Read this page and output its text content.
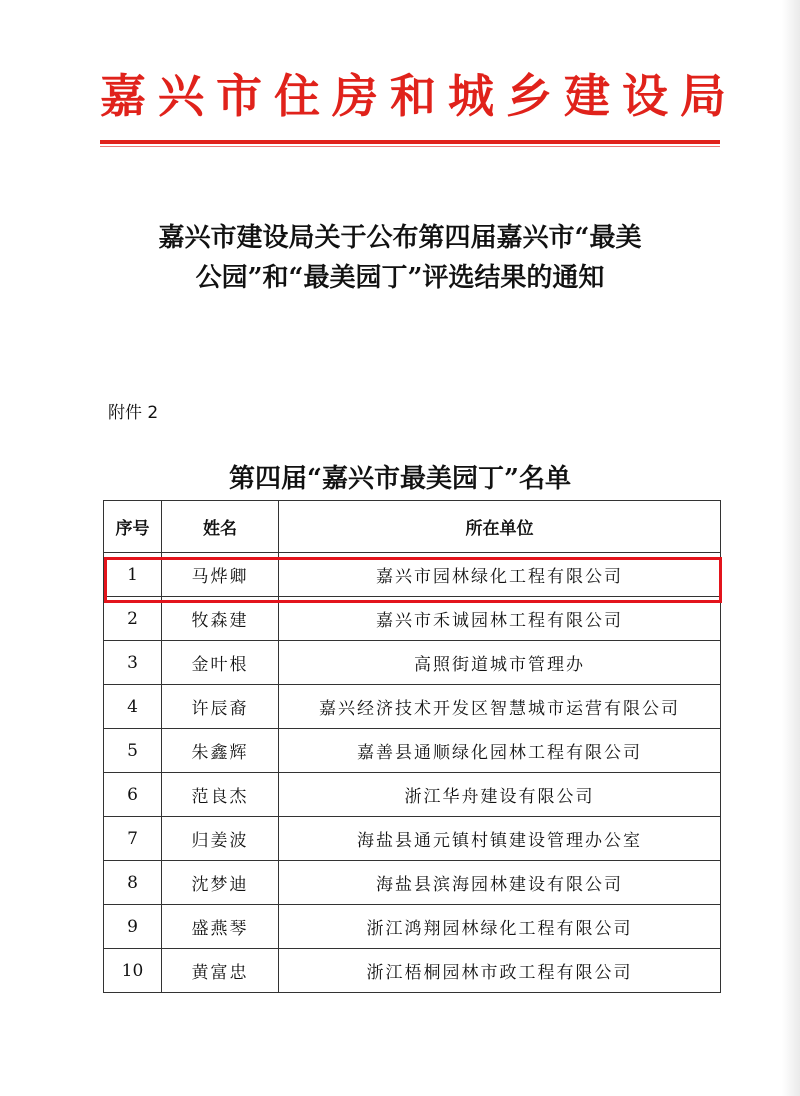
嘉兴市住房和城乡建设局
嘉兴市建设局关于公布第四届嘉兴市“最美
公园”和“最美园丁”评选结果的通知
附件 2
第四届“嘉兴市最美园丁”名单
序号	姓名	所在单位
1	马烨卿	嘉兴市园林绿化工程有限公司
2	牧森建	嘉兴市禾诚园林工程有限公司
3	金叶根	高照街道城市管理办
4	许辰裔	嘉兴经济技术开发区智慧城市运营有限公司
5	朱鑫辉	嘉善县通顺绿化园林工程有限公司
6	范良杰	浙江华舟建设有限公司
7	归姜波	海盐县通元镇村镇建设管理办公室
8	沈梦迪	海盐县滨海园林建设有限公司
9	盛燕琴	浙江鸿翔园林绿化工程有限公司
10	黄富忠	浙江梧桐园林市政工程有限公司
